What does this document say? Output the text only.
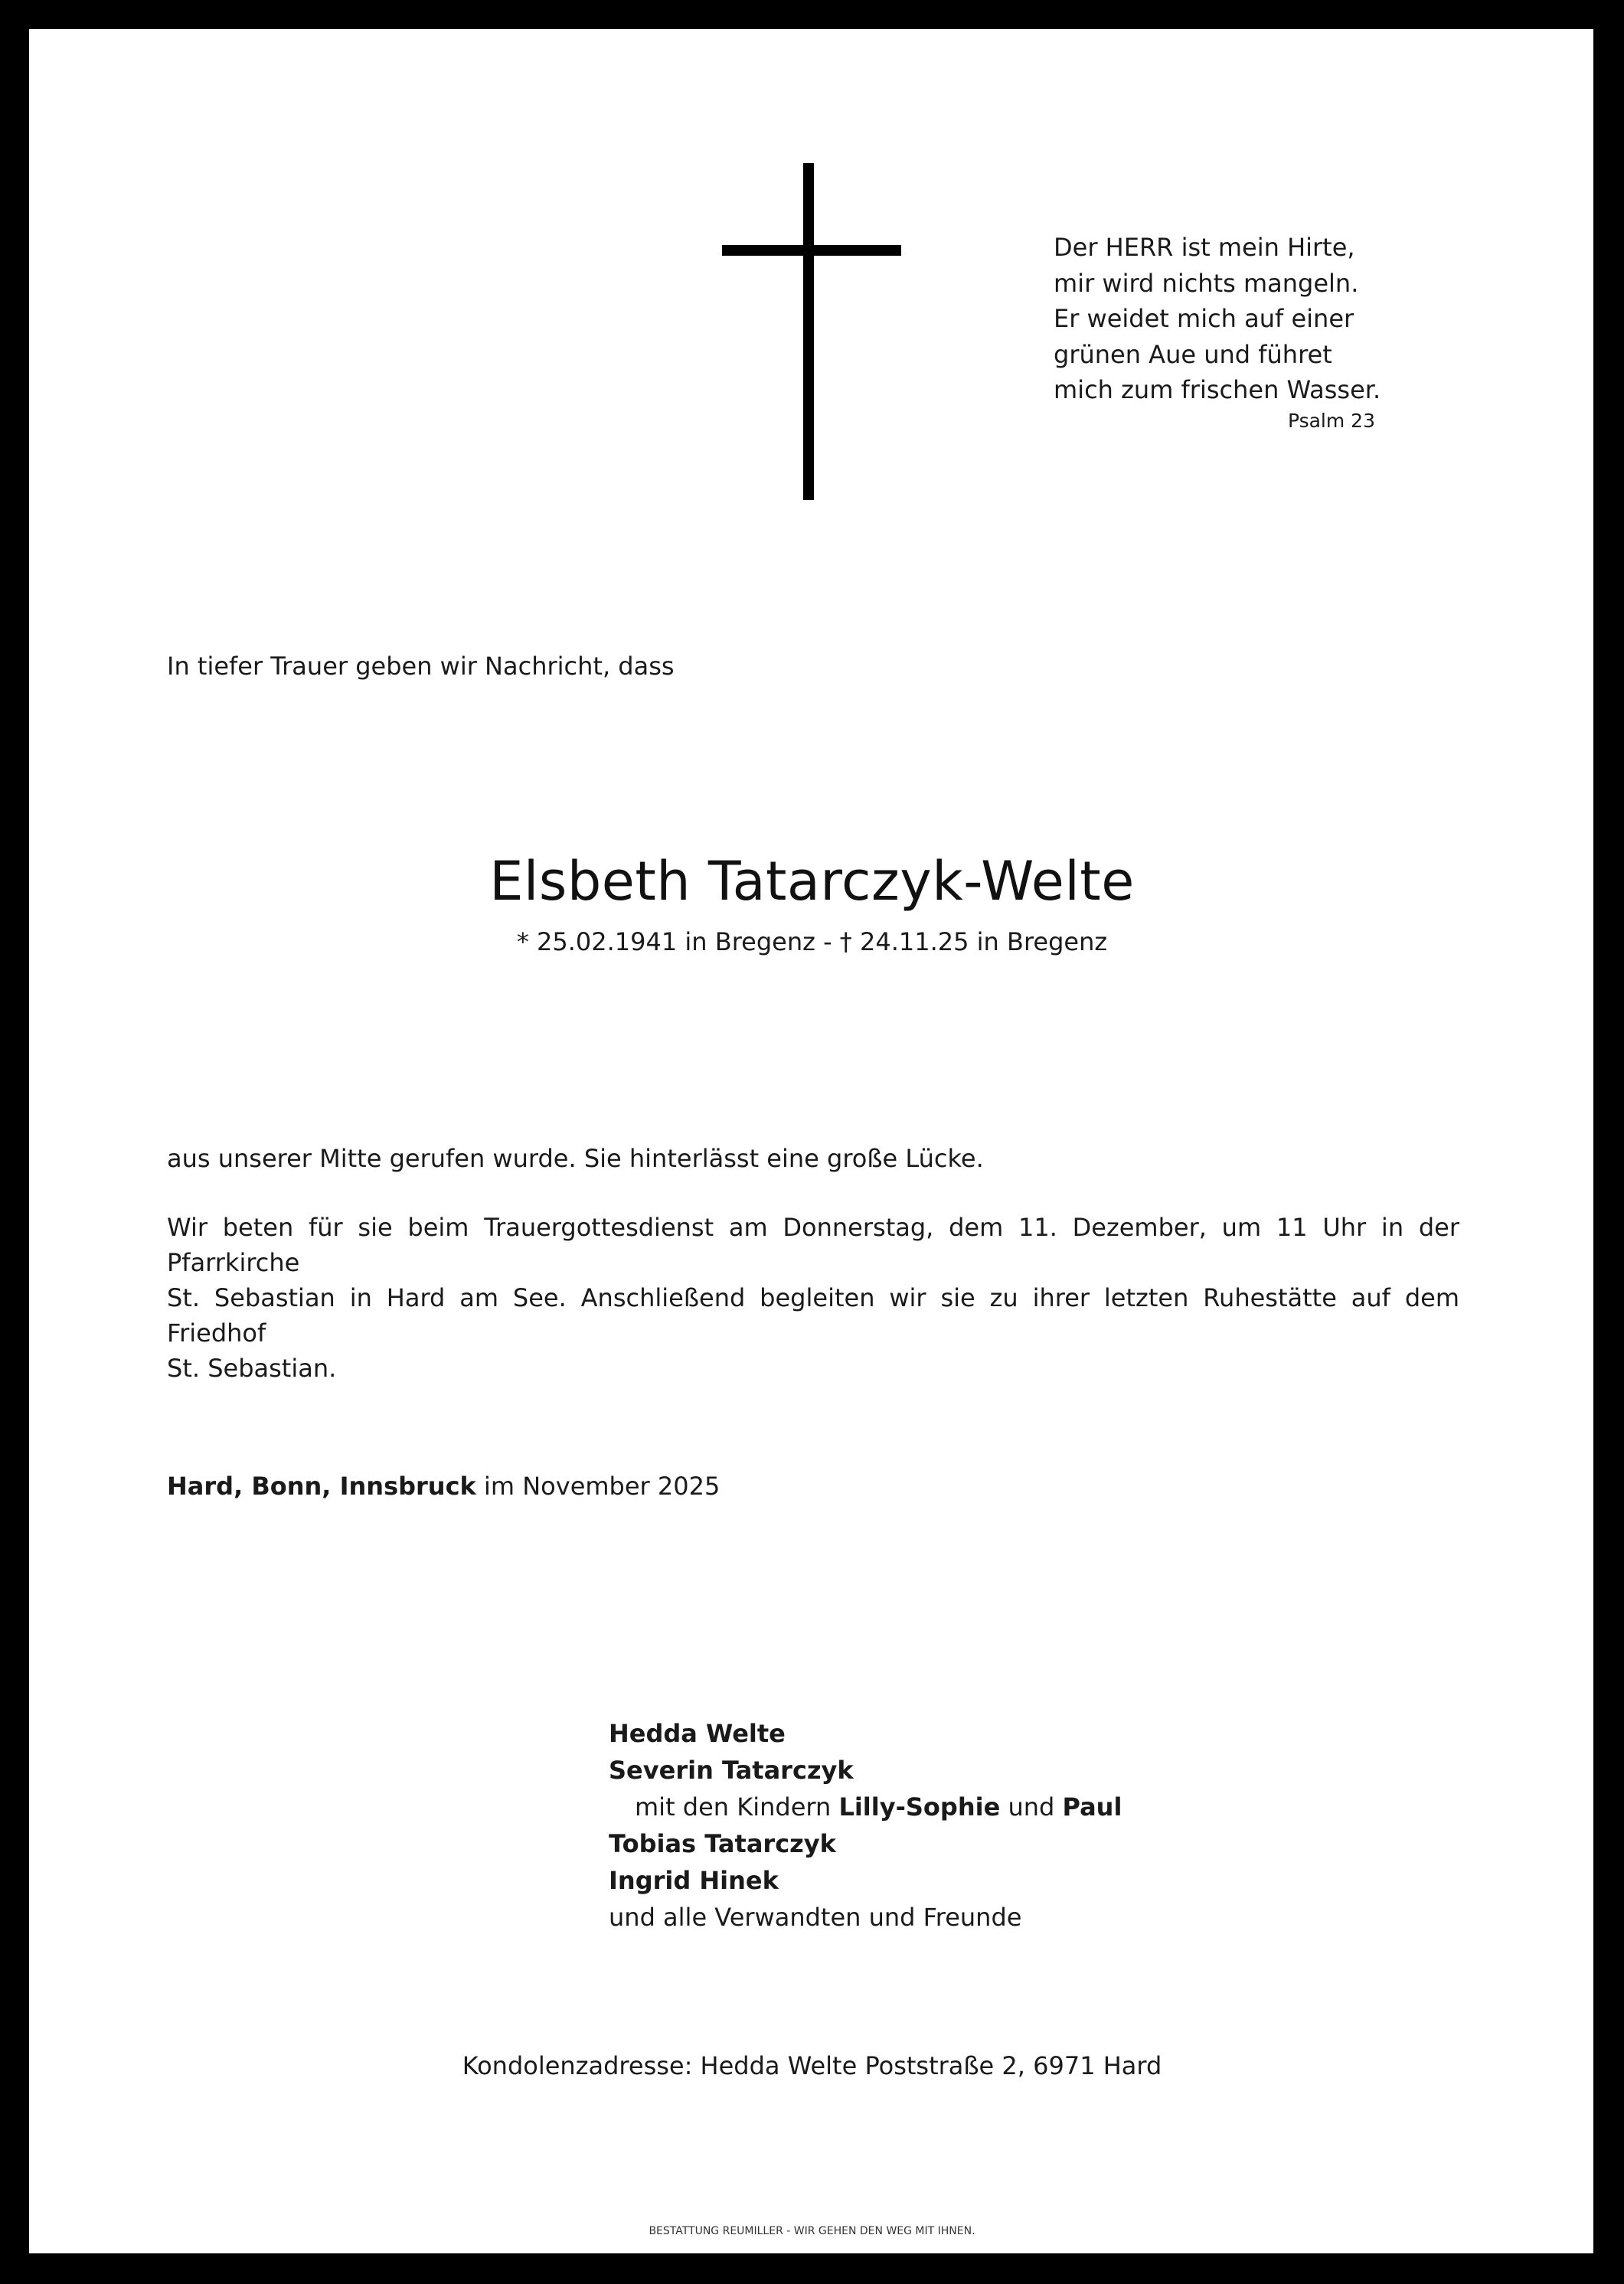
Der HERR ist mein Hirte,
mir wird nichts mangeln.
Er weidet mich auf einer
grünen Aue und führet
mich zum frischen Wasser.
Psalm 23
In tiefer Trauer geben wir Nachricht, dass
Elsbeth Tatarczyk-Welte
* 25.02.1941 in Bregenz - † 24.11.25 in Bregenz
aus unserer Mitte gerufen wurde. Sie hinterlässt eine große Lücke.
Wir beten für sie beim Trauergottesdienst am Donnerstag, dem 11. Dezember, um 11 Uhr in der Pfarrkirche
St. Sebastian in Hard am See. Anschließend begleiten wir sie zu ihrer letzten Ruhestätte auf dem Friedhof
St. Sebastian.
Hard, Bonn, Innsbruck im November 2025
Hedda Welte
Severin Tatarczyk
mit den Kindern Lilly-Sophie und Paul
Tobias Tatarczyk
Ingrid Hinek
und alle Verwandten und Freunde
Kondolenzadresse: Hedda Welte Poststraße 2, 6971 Hard
BESTATTUNG REUMILLER - WIR GEHEN DEN WEG MIT IHNEN.
